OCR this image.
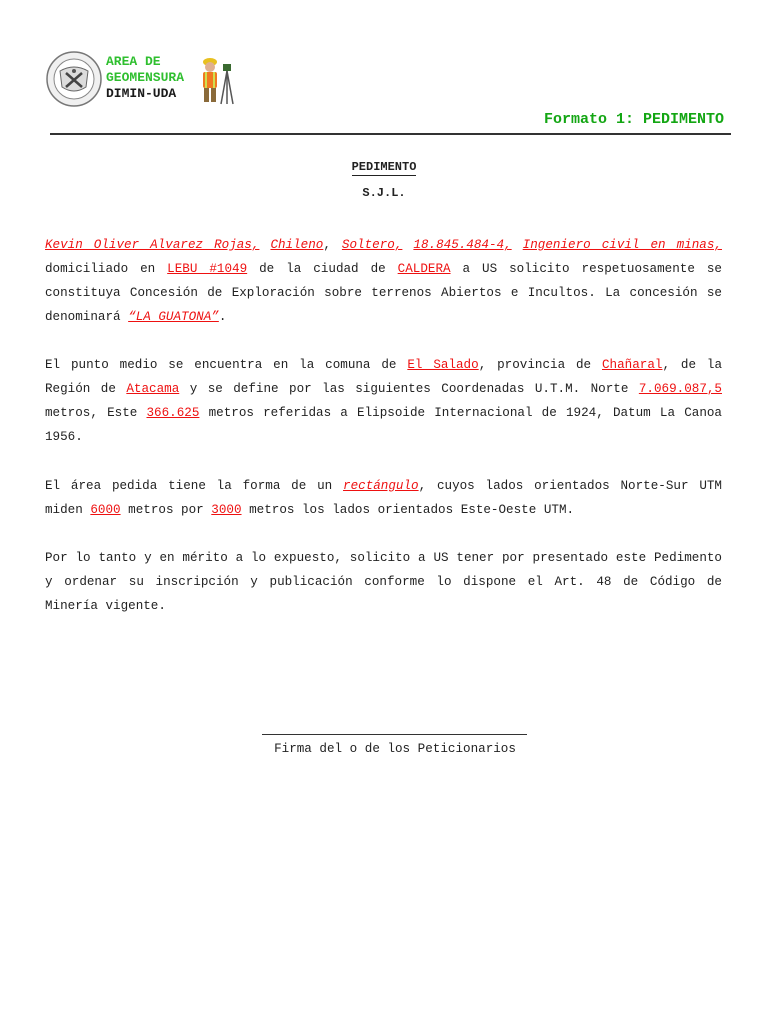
AREA DE
GEOMENSURA
DIMIN-UDA
Formato 1: PEDIMENTO
PEDIMENTO
S.J.L.
Kevin Oliver Alvarez Rojas, Chileno, Soltero, 18.845.484-4, Ingeniero civil en minas, domiciliado en LEBU #1049 de la ciudad de CALDERA a US solicito respetuosamente se constituya Concesión de Exploración sobre terrenos Abiertos e Incultos. La concesión se denominará “LA GUATONA”.
El punto medio se encuentra en la comuna de El Salado, provincia de Chañaral, de la Región de Atacama y se define por las siguientes Coordenadas U.T.M. Norte 7.069.087,5 metros, Este 366.625 metros referidas a Elipsoide Internacional de 1924, Datum La Canoa 1956.
El área pedida tiene la forma de un rectángulo, cuyos lados orientados Norte-Sur UTM miden 6000 metros por 3000 metros los lados orientados Este-Oeste UTM.
Por lo tanto y en mérito a lo expuesto, solicito a US tener por presentado este Pedimento y ordenar su inscripción y publicación conforme lo dispone el Art. 48 de Código de Minería vigente.
Firma del o de los Peticionarios
